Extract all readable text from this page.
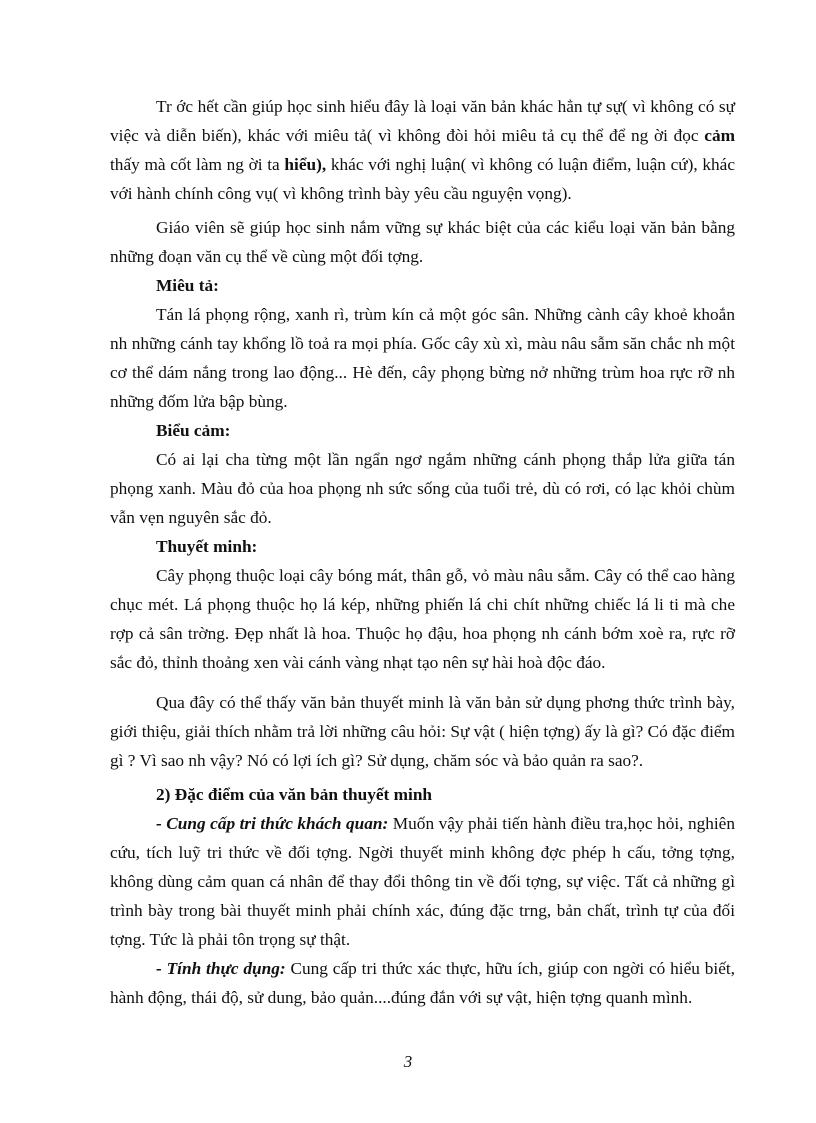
Tr ớc hết cần giúp học sinh hiểu đây là loại văn bản khác hẳn tự sự( vì không có sự việc và diễn biến), khác với miêu tả( vì không đòi hỏi miêu tả cụ thể để ng ời đọc cảm thấy mà cốt làm ng ời ta hiểu), khác với nghị luận( vì không có luận điểm, luận cứ), khác với hành chính công vụ( vì không trình bày yêu cầu nguyện vọng).

Giáo viên sẽ giúp học sinh nắm vững sự khác biệt của các kiểu loại văn bản bằng những đoạn văn cụ thể về cùng một đối tợng.

Miêu tả:

Tán lá phọng rộng, xanh rì, trùm kín cả một góc sân. Những cành cây khoẻ khoắn nh những cánh tay khổng lồ toả ra mọi phía. Gốc cây xù xì, màu nâu sẫm săn chắc nh một cơ thể dám nắng trong lao động... Hè đến, cây phọng bừng nở những trùm hoa rực rỡ nh những đốm lửa bập bùng.

Biểu cảm:

Có ai lại cha từng một lần ngẩn ngơ ngắm những cánh phọng thắp lửa giữa tán phọng xanh. Màu đỏ của hoa phọng nh sức sống của tuổi trẻ, dù có rơi, có lạc khỏi chùm vẫn vẹn nguyên sắc đỏ.

Thuyết minh:

Cây phọng thuộc loại cây bóng mát, thân gỗ, vỏ màu nâu sẫm. Cây có thể cao hàng chục mét. Lá phọng thuộc họ lá kép, những phiến lá chi chít những chiếc lá li ti mà che rợp cả sân trờng. Đẹp nhất là hoa. Thuộc họ đậu, hoa phọng nh cánh bớm xoè ra, rực rỡ sắc đỏ, thỉnh thoảng xen vài cánh vàng nhạt tạo nên sự hài hoà độc đáo.

Qua đây có thể thấy văn bản thuyết minh là văn bản sử dụng phơng thức trình bày, giới thiệu, giải thích nhằm trả lời những câu hỏi: Sự vật ( hiện tợng) ấy là gì? Có đặc điểm gì ? Vì sao nh vậy? Nó có lợi ích gì? Sử dụng, chăm sóc và bảo quản ra sao?.

2) Đặc điểm của văn bản thuyết minh

- Cung cấp tri thức khách quan: Muốn vậy phải tiến hành điều tra,học hỏi, nghiên cứu, tích luỹ tri thức về đối tợng. Ngời thuyết minh không đợc phép h cấu, tởng tợng, không dùng cảm quan cá nhân để thay đổi thông tin về đối tợng, sự việc. Tất cả những gì trình bày trong bài thuyết minh phải chính xác, đúng đặc trng, bản chất, trình tự của đối tợng. Tức là phải tôn trọng sự thật.

- Tính thực dụng: Cung cấp tri thức xác thực, hữu ích, giúp con ngời có hiểu biết, hành động, thái độ, sử dung, bảo quản....đúng đắn với sự vật, hiện tợng quanh mình.

3
